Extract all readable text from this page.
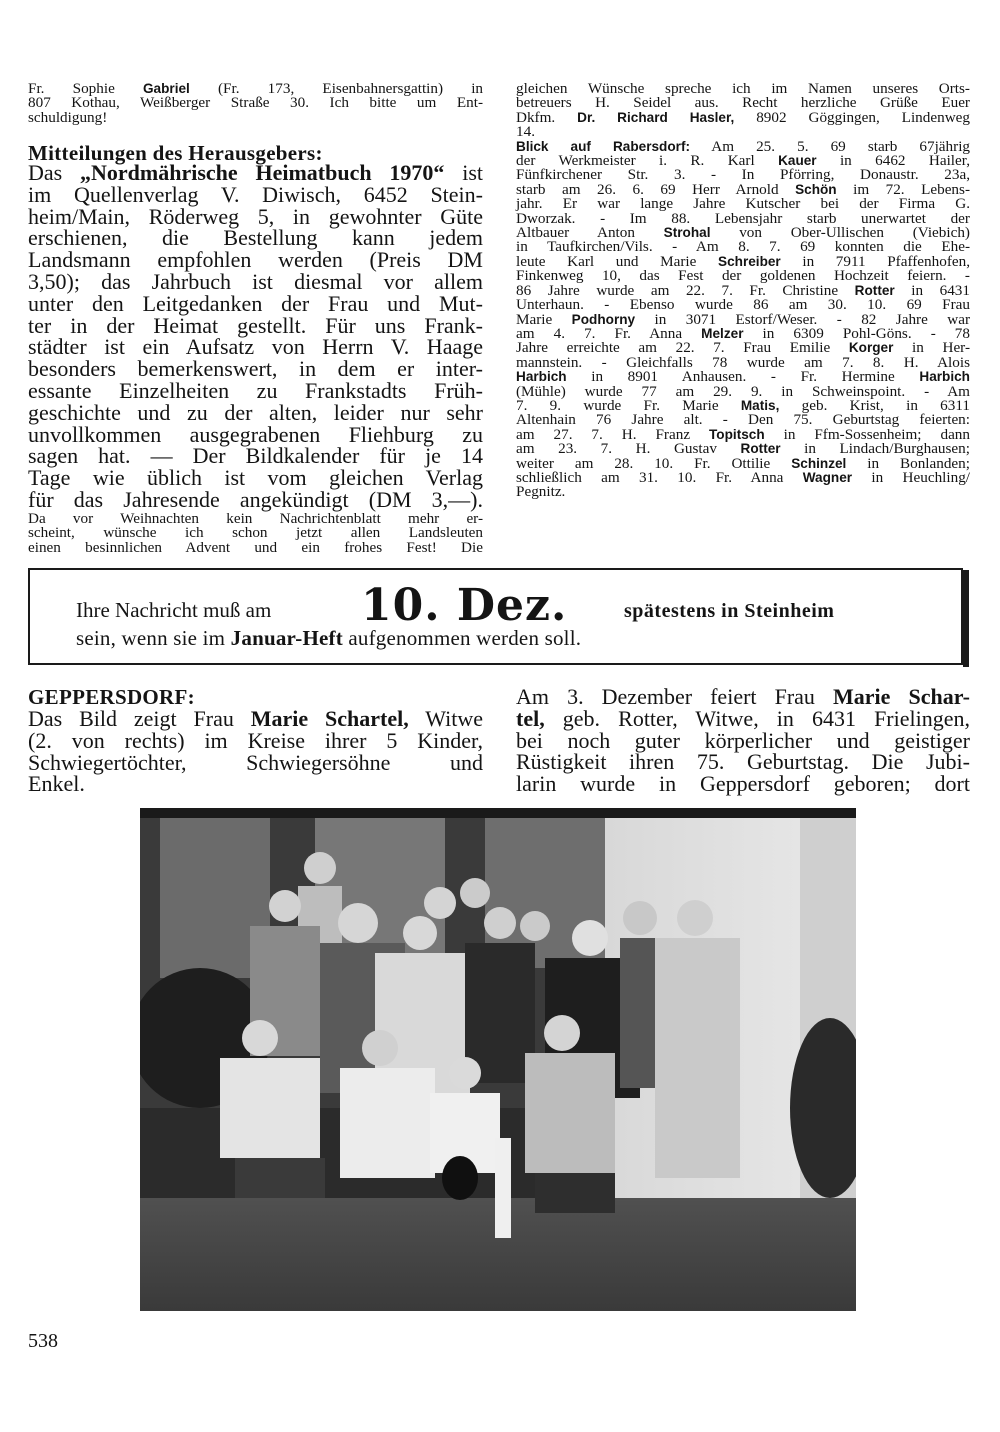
Fr. Sophie Gabriel (Fr. 173, Eisenbahnersgattin) in
807 Kothau, Weißberger Straße 30. Ich bitte um Ent-
schuldigung!
Mitteilungen des Herausgebers:
Das „Nordmährische Heimatbuch 1970“ ist
im Quellenverlag V. Diwisch, 6452 Stein-
heim/Main, Röderweg 5, in gewohnter Güte
erschienen, die Bestellung kann jedem
Landsmann empfohlen werden (Preis DM
3,50); das Jahrbuch ist diesmal vor allem
unter den Leitgedanken der Frau und Mut-
ter in der Heimat gestellt. Für uns Frank-
städter ist ein Aufsatz von Herrn V. Haage
besonders bemerkenswert, in dem er inter-
essante Einzelheiten zu Frankstadts Früh-
geschichte und zu der alten, leider nur sehr
unvollkommen ausgegrabenen Fliehburg zu
sagen hat. — Der Bildkalender für je 14
Tage wie üblich ist vom gleichen Verlag
für das Jahresende angekündigt (DM 3,—).
Da vor Weihnachten kein Nachrichtenblatt mehr er-
scheint, wünsche ich schon jetzt allen Landsleuten
einen besinnlichen Advent und ein frohes Fest! Die
gleichen Wünsche spreche ich im Namen unseres Orts-
betreuers H. Seidel aus. Recht herzliche Grüße Euer
Dkfm. Dr. Richard Hasler, 8902 Göggingen, Lindenweg
14.
Blick auf Rabersdorf: Am 25. 5. 69 starb 67jährig
der Werkmeister i. R. Karl Kauer in 6462 Hailer,
Fünfkirchener Str. 3. - In Pförring, Donaustr. 23a,
starb am 26. 6. 69 Herr Arnold Schön im 72. Lebens-
jahr. Er war lange Jahre Kutscher bei der Firma G.
Dworzak. - Im 88. Lebensjahr starb unerwartet der
Altbauer Anton Strohal von Ober-Ullischen (Viebich)
in Taufkirchen/Vils. - Am 8. 7. 69 konnten die Ehe-
leute Karl und Marie Schreiber in 7911 Pfaffenhofen,
Finkenweg 10, das Fest der goldenen Hochzeit feiern. -
86 Jahre wurde am 22. 7. Fr. Christine Rotter in 6431
Unterhaun. - Ebenso wurde 86 am 30. 10. 69 Frau
Marie Podhorny in 3071 Estorf/Weser. - 82 Jahre war
am 4. 7. Fr. Anna Melzer in 6309 Pohl-Göns. - 78
Jahre erreichte am 22. 7. Frau Emilie Korger in Her-
mannstein. - Gleichfalls 78 wurde am 7. 8. H. Alois
Harbich in 8901 Anhausen. - Fr. Hermine Harbich
(Mühle) wurde 77 am 29. 9. in Schweinspoint. - Am
7. 9. wurde Fr. Marie Matis, geb. Krist, in 6311
Altenhain 76 Jahre alt. - Den 75. Geburtstag feierten:
am 27. 7. H. Franz Topitsch in Ffm-Sossenheim; dann
am 23. 7. H. Gustav Rotter in Lindach/Burghausen;
weiter am 28. 10. Fr. Ottilie Schinzel in Bonlanden;
schließlich am 31. 10. Fr. Anna Wagner in Heuchling/
Pegnitz.
Ihre Nachricht muß am 10. Dez.	spätestens in Steinheim
sein, wenn sie im Januar-Heft aufgenommen werden soll.
GEPPERSDORF:
Das Bild zeigt Frau Marie Schartel, Witwe
(2. von rechts) im Kreise ihrer 5 Kinder,
Schwiegertöchter, Schwiegersöhne und
Enkel.
Am 3. Dezember feiert Frau Marie Schar-
tel, geb. Rotter, Witwe, in 6431 Frielingen,
bei noch guter körperlicher und geistiger
Rüstigkeit ihren 75. Geburtstag. Die Jubi-
larin wurde in Geppersdorf geboren; dort
538
